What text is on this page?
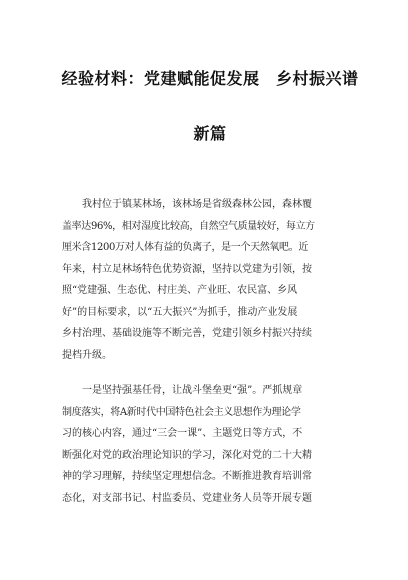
经验材料：党建赋能促发展　乡村振兴谱
新篇
　　我村位于镇某林场，该林场是省级森林公园，森林覆
盖率达96%，相对湿度比较高，自然空气质量较好，每立方
厘米含1200万对人体有益的负离子，是一个天然氧吧。近
年来，村立足林场特色优势资源，坚持以党建为引领，按
照“党建强、生态优、村庄美、产业旺、农民富、乡风
好”的目标要求，以“五大振兴”为抓手，推动产业发展
乡村治理、基础设施等不断完善，党建引领乡村振兴持续
提档升级。
　　一是坚持强基任骨，让战斗堡垒更“强”。严抓规章
制度落实，将A新时代中国特色社会主义思想作为理论学
习的核心内容，通过“三会一课”、主题党日等方式，不
断强化对党的政治理论知识的学习，深化对党的二十大精
神的学习理解，持续坚定理想信念。不断推进教育培训常
态化，对支部书记、村监委员、党建业务人员等开展专题
